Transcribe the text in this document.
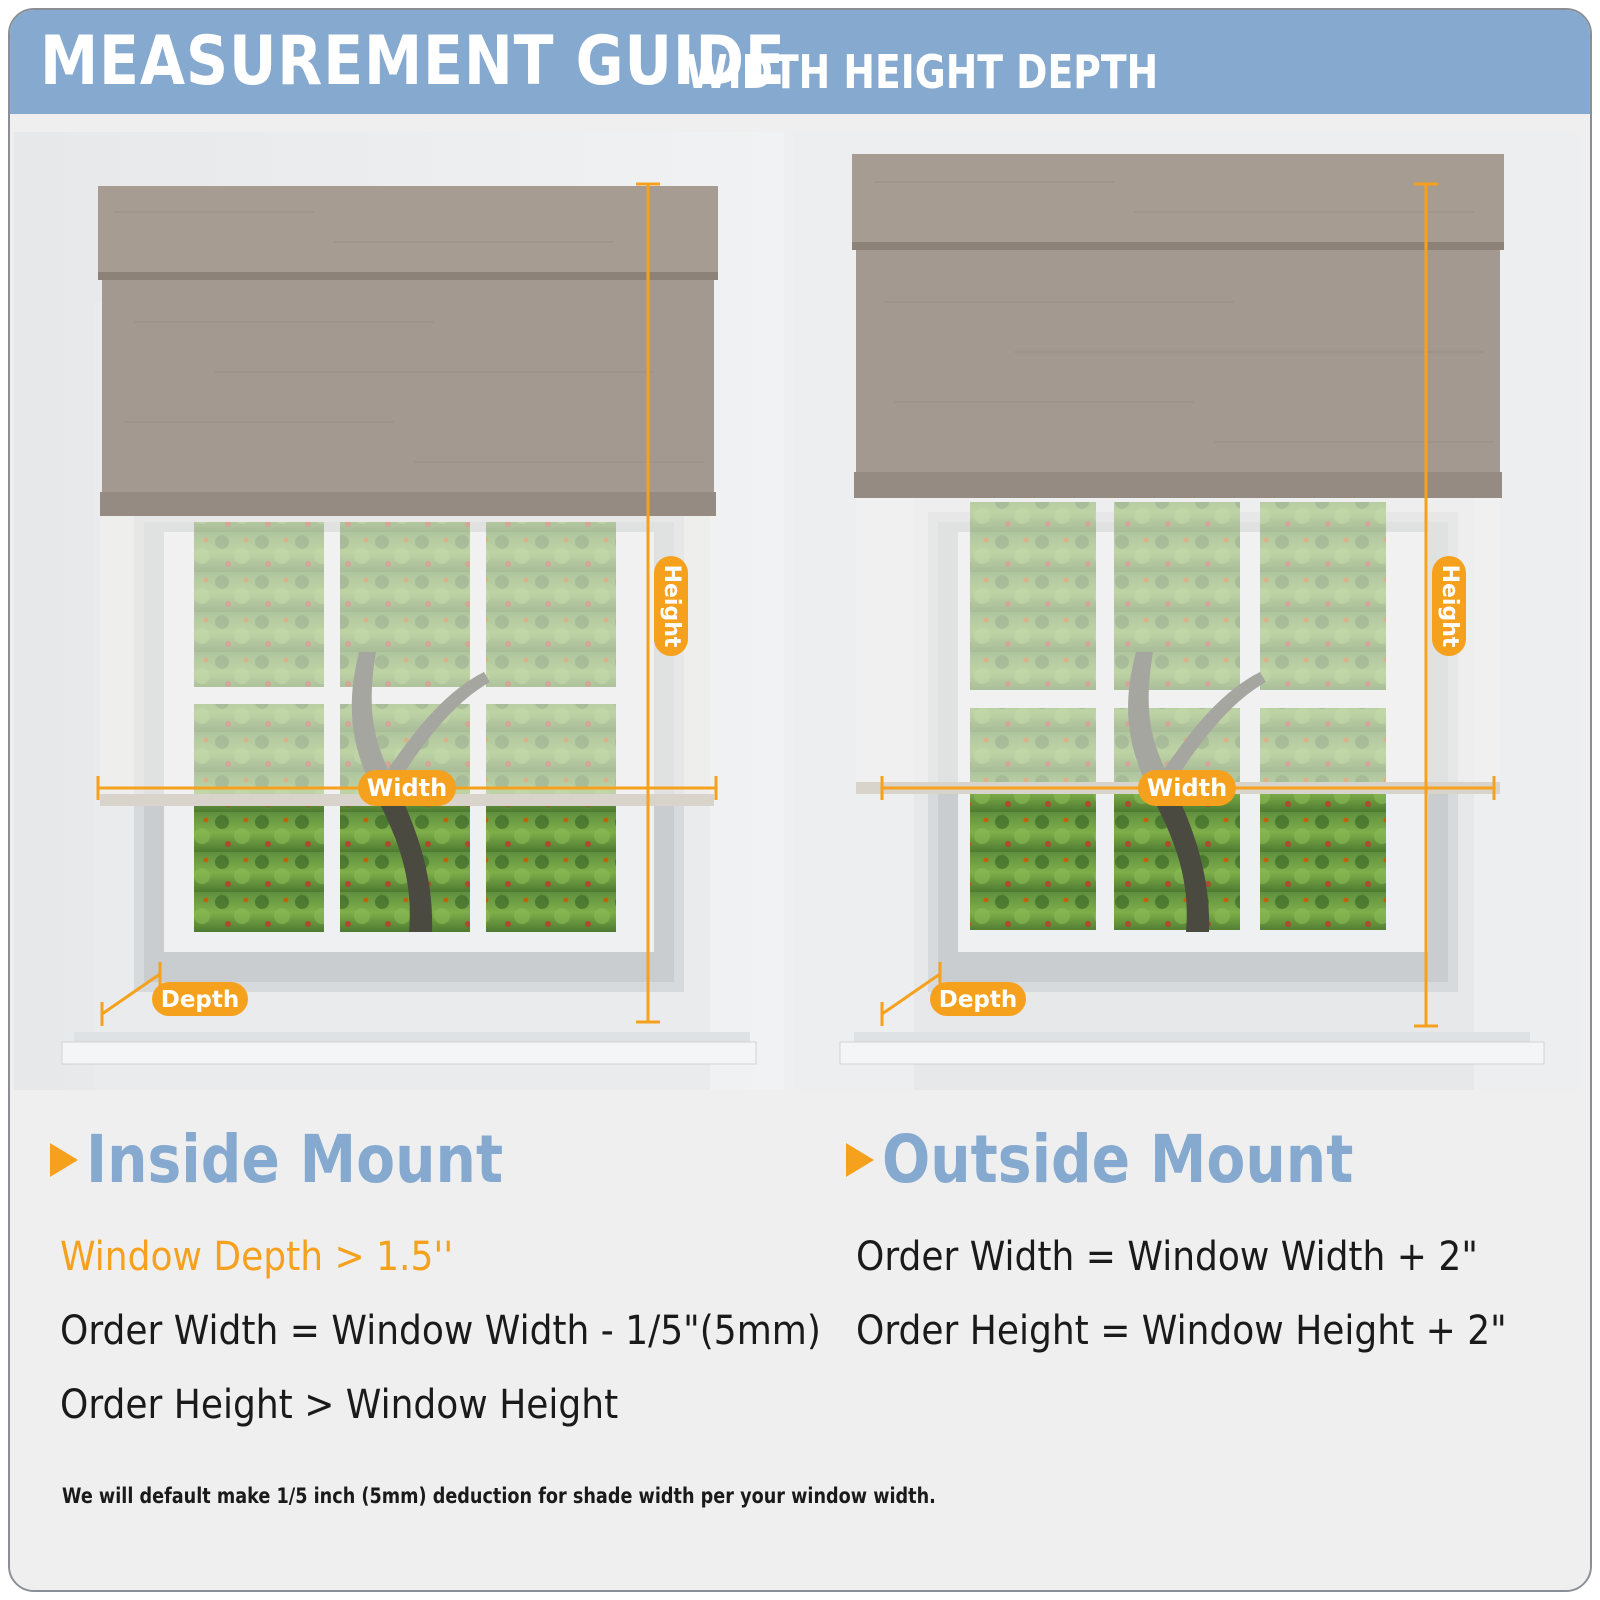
MEASUREMENT GUIDE
WIDTH HEIGHT DEPTH
Height
Width
Depth
Height
Width
Depth
Inside Mount
Window Depth > 1.5''
Order Width = Window Width - 1/5"(5mm)
Order Height > Window Height
Outside Mount
Order Width = Window Width + 2"
Order Height = Window Height + 2"
We will default make 1/5 inch (5mm) deduction for shade width per your window width.
